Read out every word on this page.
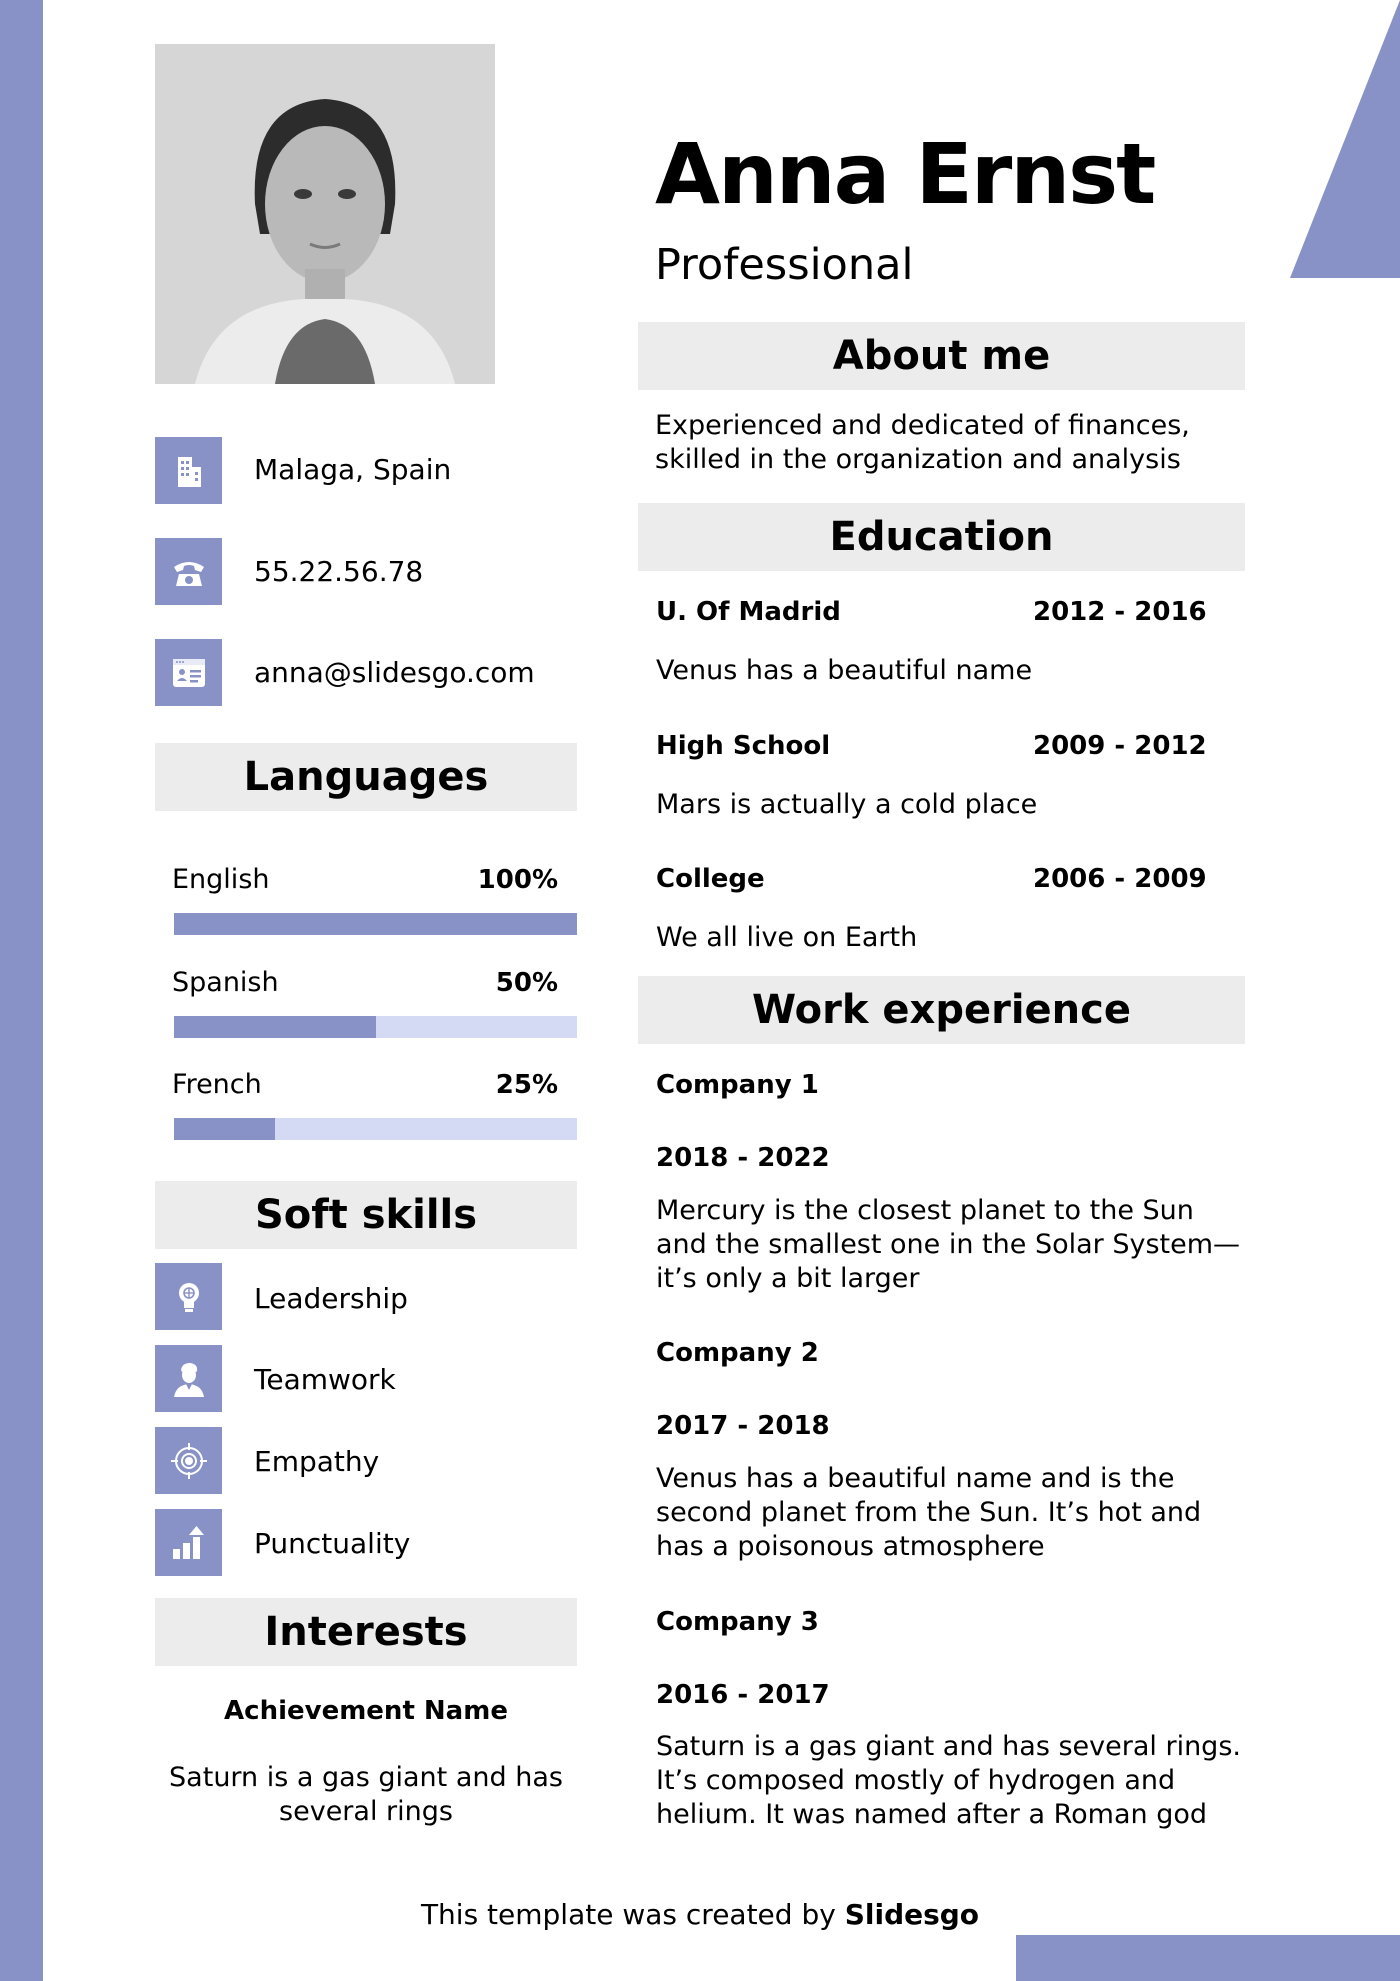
Anna Ernst
Professional
Malaga, Spain
55.22.56.78
anna@slidesgo.com
Languages
English	100%
Spanish	50%
French	25%
Soft skills
Leadership
Teamwork
Empathy
Punctuality
Interests
Achievement Name
Saturn is a gas giant and has several rings
About me
Experienced and dedicated of finances, skilled in the organization and analysis
Education
U. Of Madrid	2012 - 2016
Venus has a beautiful name
High School	2009 - 2012
Mars is actually a cold place
College	2006 - 2009
We all live on Earth
Work experience
Company 1
2018 - 2022
Mercury is the closest planet to the Sun and the smallest one in the Solar System—it’s only a bit larger
Company 2
2017 - 2018
Venus has a beautiful name and is the second planet from the Sun. It’s hot and has a poisonous atmosphere
Company 3
2016 - 2017
Saturn is a gas giant and has several rings. It’s composed mostly of hydrogen and helium. It was named after a Roman god
This template was created by Slidesgo
